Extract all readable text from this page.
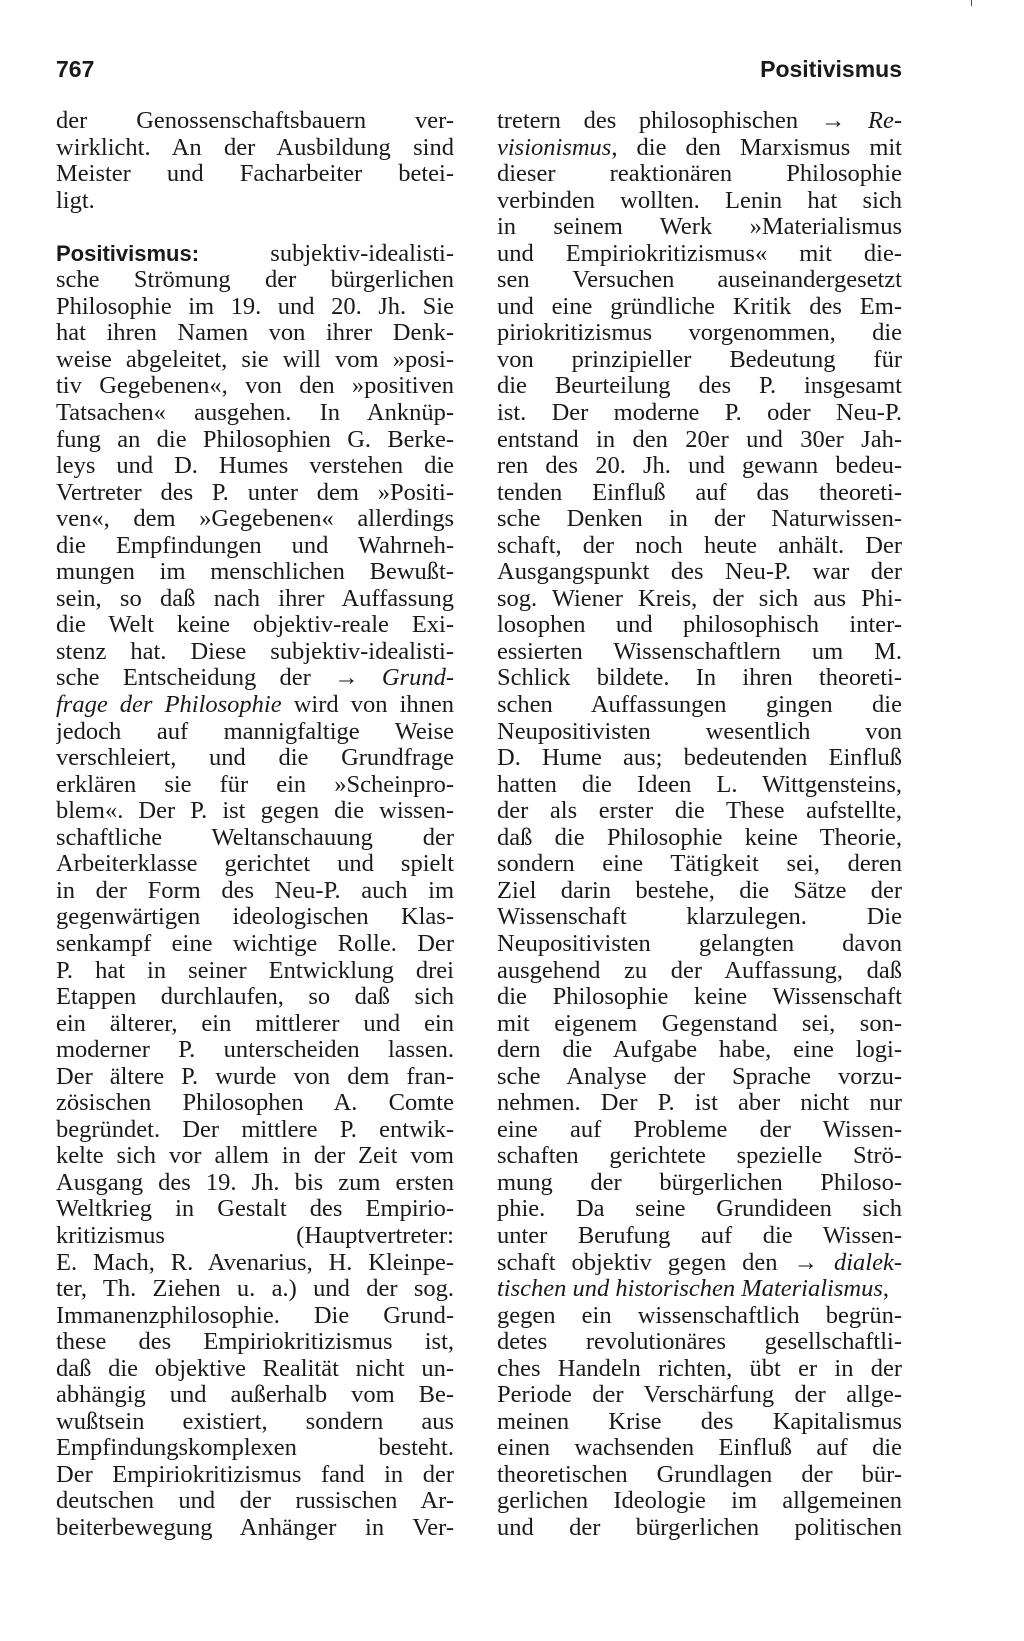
767	Positivismus
der Genossenschaftsbauern ver-
wirklicht. An der Ausbildung sind
Meister und Facharbeiter betei-
ligt.
Positivismus: subjektiv-idealisti-
sche Strömung der bürgerlichen
Philosophie im 19. und 20. Jh. Sie
hat ihren Namen von ihrer Denk-
weise abgeleitet, sie will vom »posi-
tiv Gegebenen«, von den »positiven
Tatsachen« ausgehen. In Anknüp-
fung an die Philosophien G. Berke-
leys und D. Humes verstehen die
Vertreter des P. unter dem »Positi-
ven«, dem »Gegebenen« allerdings
die Empfindungen und Wahrneh-
mungen im menschlichen Bewußt-
sein, so daß nach ihrer Auffassung
die Welt keine objektiv-reale Exi-
stenz hat. Diese subjektiv-idealisti-
sche Entscheidung der → Grund-
frage der Philosophie wird von ihnen
jedoch auf mannigfaltige Weise
verschleiert, und die Grundfrage
erklären sie für ein »Scheinpro-
blem«. Der P. ist gegen die wissen-
schaftliche Weltanschauung der
Arbeiterklasse gerichtet und spielt
in der Form des Neu-P. auch im
gegenwärtigen ideologischen Klas-
senkampf eine wichtige Rolle. Der
P. hat in seiner Entwicklung drei
Etappen durchlaufen, so daß sich
ein älterer, ein mittlerer und ein
moderner P. unterscheiden lassen.
Der ältere P. wurde von dem fran-
zösischen Philosophen A. Comte
begründet. Der mittlere P. entwik-
kelte sich vor allem in der Zeit vom
Ausgang des 19. Jh. bis zum ersten
Weltkrieg in Gestalt des Empirio-
kritizismus (Hauptvertreter:
E. Mach, R. Avenarius, H. Kleinpe-
ter, Th. Ziehen u. a.) und der sog.
Immanenzphilosophie. Die Grund-
these des Empiriokritizismus ist,
daß die objektive Realität nicht un-
abhängig und außerhalb vom Be-
wußtsein existiert, sondern aus
Empfindungskomplexen besteht.
Der Empiriokritizismus fand in der
deutschen und der russischen Ar-
beiterbewegung Anhänger in Ver-
tretern des philosophischen → Re-
visionismus, die den Marxismus mit
dieser reaktionären Philosophie
verbinden wollten. Lenin hat sich
in seinem Werk »Materialismus
und Empiriokritizismus« mit die-
sen Versuchen auseinandergesetzt
und eine gründliche Kritik des Em-
piriokritizismus vorgenommen, die
von prinzipieller Bedeutung für
die Beurteilung des P. insgesamt
ist. Der moderne P. oder Neu-P.
entstand in den 20er und 30er Jah-
ren des 20. Jh. und gewann bedeu-
tenden Einfluß auf das theoreti-
sche Denken in der Naturwissen-
schaft, der noch heute anhält. Der
Ausgangspunkt des Neu-P. war der
sog. Wiener Kreis, der sich aus Phi-
losophen und philosophisch inter-
essierten Wissenschaftlern um M.
Schlick bildete. In ihren theoreti-
schen Auffassungen gingen die
Neupositivisten wesentlich von
D. Hume aus; bedeutenden Einfluß
hatten die Ideen L. Wittgensteins,
der als erster die These aufstellte,
daß die Philosophie keine Theorie,
sondern eine Tätigkeit sei, deren
Ziel darin bestehe, die Sätze der
Wissenschaft klarzulegen. Die
Neupositivisten gelangten davon
ausgehend zu der Auffassung, daß
die Philosophie keine Wissenschaft
mit eigenem Gegenstand sei, son-
dern die Aufgabe habe, eine logi-
sche Analyse der Sprache vorzu-
nehmen. Der P. ist aber nicht nur
eine auf Probleme der Wissen-
schaften gerichtete spezielle Strö-
mung der bürgerlichen Philoso-
phie. Da seine Grundideen sich
unter Berufung auf die Wissen-
schaft objektiv gegen den → dialek-
tischen und historischen Materialismus,
gegen ein wissenschaftlich begrün-
detes revolutionäres gesellschaftli-
ches Handeln richten, übt er in der
Periode der Verschärfung der allge-
meinen Krise des Kapitalismus
einen wachsenden Einfluß auf die
theoretischen Grundlagen der bür-
gerlichen Ideologie im allgemeinen
und der bürgerlichen politischen
